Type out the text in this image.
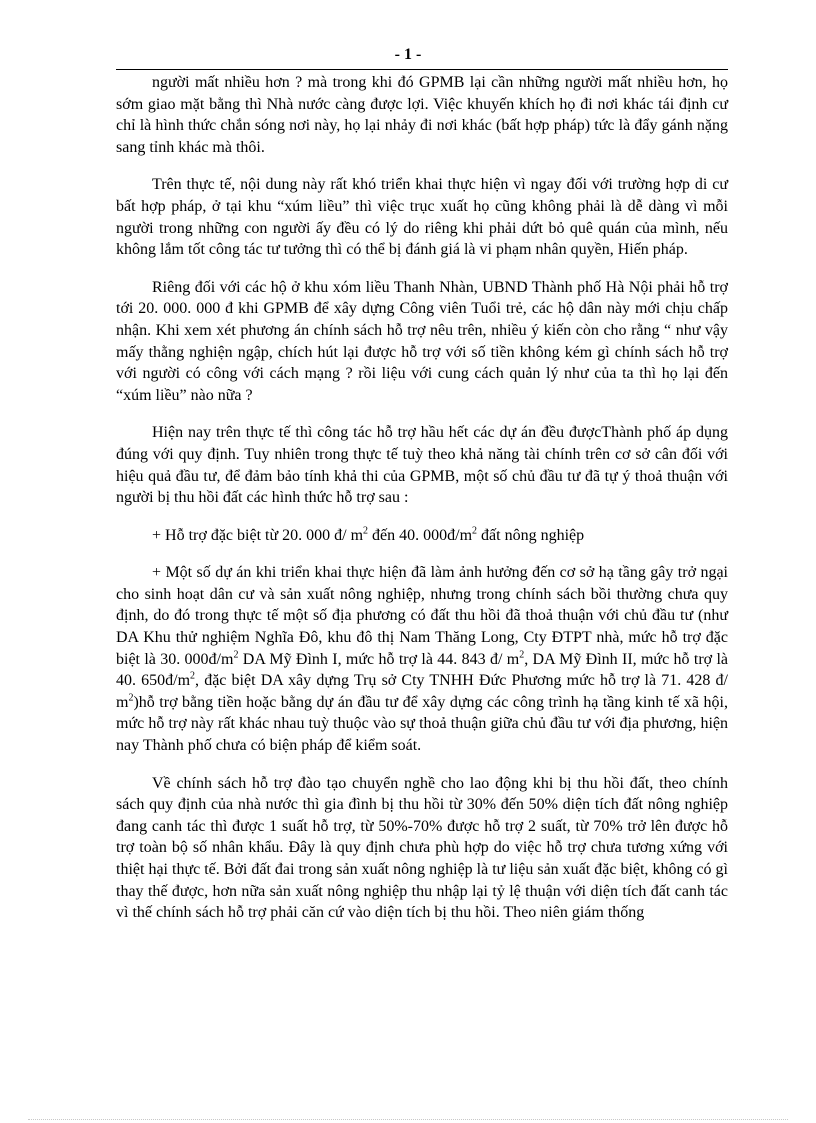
- 1 -

người mất nhiều hơn ? mà trong khi đó GPMB lại cần những người mất nhiều hơn, họ sớm giao mặt bằng thì Nhà nước càng được lợi. Việc khuyến khích họ đi nơi khác tái định cư chỉ là hình thức chắn sóng nơi này, họ lại nhảy đi nơi khác (bất hợp pháp) tức là đẩy gánh nặng sang tỉnh khác mà thôi.

Trên thực tế, nội dung này rất khó triển khai thực hiện vì ngay đối với trường hợp di cư bất hợp pháp, ở tại khu “xúm liều” thì việc trục xuất họ cũng không phải là dễ dàng vì mỗi người trong những con người ấy đều có lý do riêng khi phải dứt bỏ quê quán của mình, nếu không lắm tốt công tác tư tưởng thì có thể bị đánh giá là vi phạm nhân quyền, Hiến pháp.

Riêng đối với các hộ ở khu xóm liều Thanh Nhàn, UBND Thành phố Hà Nội phải hỗ trợ tới 20. 000. 000 đ khi GPMB để xây dựng Công viên Tuổi trẻ, các hộ dân này mới chịu chấp nhận. Khi xem xét phương án chính sách hỗ trợ nêu trên, nhiều ý kiến còn cho rằng “ như vậy mấy thằng nghiện ngập, chích hút lại được hỗ trợ với số tiền không kém gì chính sách hỗ trợ với người có công với cách mạng ? rồi liệu với cung cách quản lý như của ta thì họ lại đến “xúm liều” nào nữa ?

Hiện nay trên thực tế thì công tác hỗ trợ hầu hết các dự án đều đượcThành phố áp dụng đúng với quy định. Tuy nhiên trong thực tế tuỳ theo khả năng tài chính trên cơ sở cân đối với hiệu quả đầu tư, để đảm bảo tính khả thi của GPMB, một số chủ đầu tư đã tự ý thoả thuận với người bị thu hồi đất các hình thức hỗ trợ sau :

+ Hỗ trợ đặc biệt từ 20. 000 đ/ $m^2$ đến 40. $000đ/m^2$ đất nông nghiệp

+ Một số dự án khi triển khai thực hiện đã làm ảnh hưởng đến cơ sở hạ tầng gây trở ngại cho sinh hoạt dân cư và sản xuất nông nghiệp, nhưng trong chính sách bồi thường chưa quy định, do đó trong thực tế một số địa phương có đất thu hồi đã thoả thuận với chủ đầu tư (như DA Khu thử nghiệm Nghĩa Đô, khu đô thị Nam Thăng Long, Cty ĐTPT nhà, mức hỗ trợ đặc biệt là 30. $000đ/m^2$ DA Mỹ Đình I, mức hỗ trợ là 44. 843 đ/ $m^2$, DA Mỹ Đình II, mức hỗ trợ là 40. $650đ/m^2$, đặc biệt DA xây dựng Trụ sở Cty TNHH Đức Phương mức hỗ trợ là 71. 428 đ/ $m^2)hỗ$ trợ bằng tiền hoặc bằng dự án đầu tư để xây dựng các công trình hạ tầng kinh tế xã hội, mức hỗ trợ này rất khác nhau tuỳ thuộc vào sự thoả thuận giữa chủ đầu tư với địa phương, hiện nay Thành phố chưa có biện pháp để kiểm soát.

Về chính sách hỗ trợ đào tạo chuyển nghề cho lao động khi bị thu hồi đất, theo chính sách quy định của nhà nước thì gia đình bị thu hồi từ 30% đến 50% diện tích đất nông nghiệp đang canh tác thì được 1 suất hỗ trợ, từ 50%-70% được hỗ trợ 2 suất, từ 70% trở lên được hỗ trợ toàn bộ số nhân khẩu. Đây là quy định chưa phù hợp do việc hỗ trợ chưa tương xứng với thiệt hại thực tế. Bởi đất đai trong sản xuất nông nghiệp là tư liệu sản xuất đặc biệt, không có gì thay thế được, hơn nữa sản xuất nông nghiệp thu nhập lại tỷ lệ thuận với diện tích đất canh tác vì thế chính sách hỗ trợ phải căn cứ vào diện tích bị thu hồi. Theo niên giám thống
